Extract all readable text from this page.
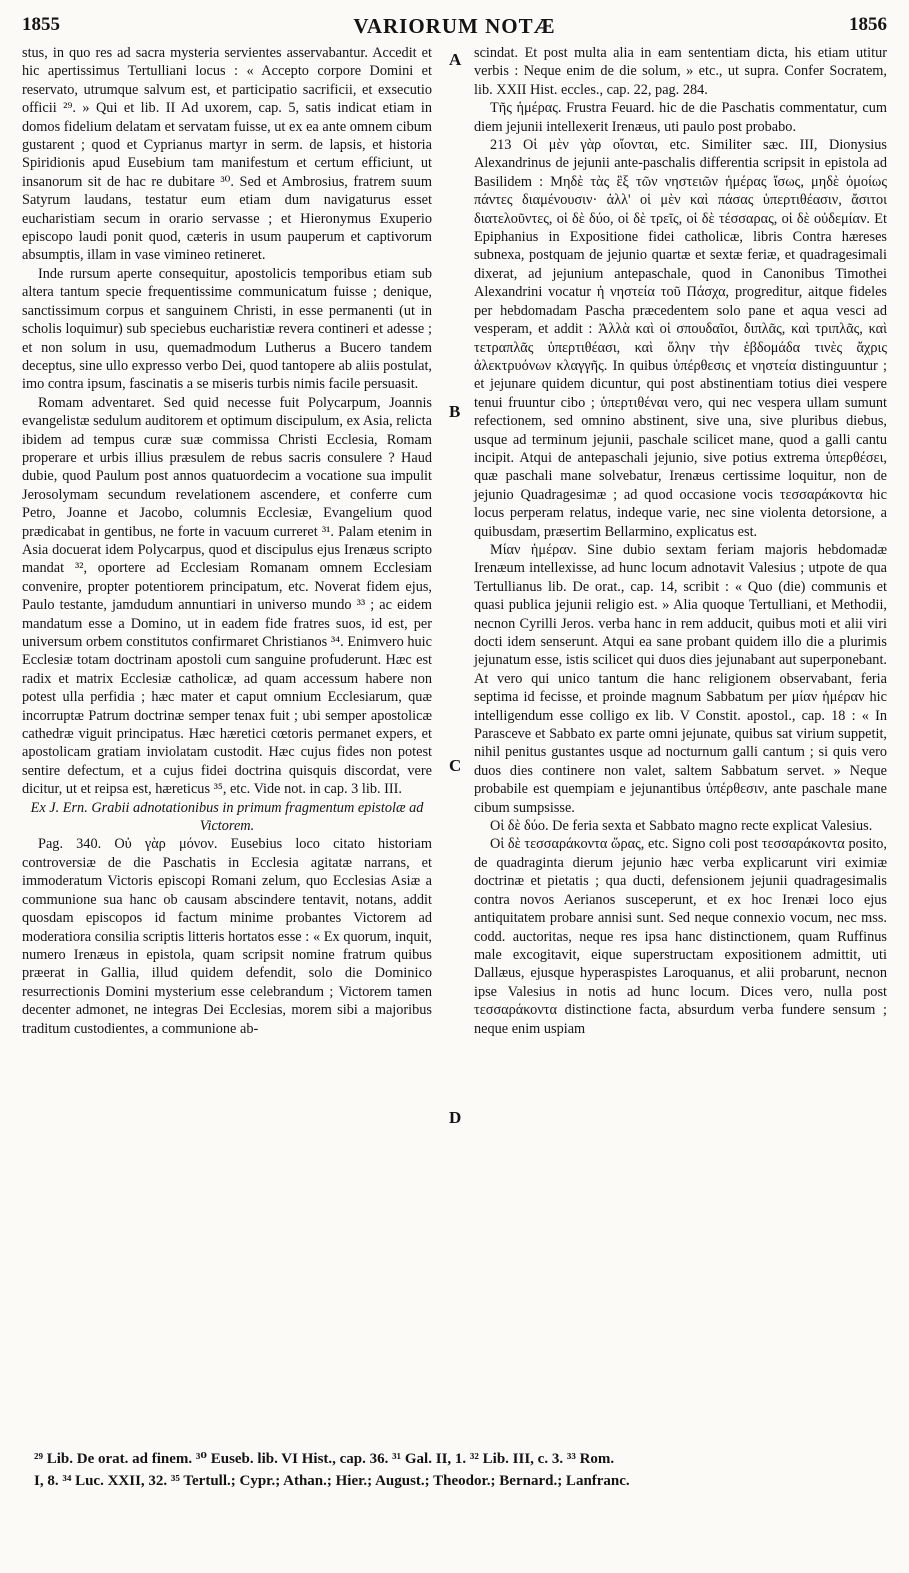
1855	VARIORUM NOTÆ	1856

stus, in quo res ad sacra mysteria servientes asservabantur. Accedit et hic apertissimus Tertulliani locus : « Accepto corpore Domini et reservato, utrumque salvum est, et participatio sacrificii, et exsecutio officii ²⁹. » Qui et lib. II Ad uxorem, cap. 5, satis indicat etiam in domos fidelium delatam et servatam fuisse, ut ex ea ante omnem cibum gustarent ; quod et Cyprianus martyr in serm. de lapsis, et historia Spiridionis apud Eusebium tam manifestum et certum efficiunt, ut insanorum sit de hac re dubitare ³⁰. Sed et Ambrosius, fratrem suum Satyrum laudans, testatur eum etiam dum navigaturus esset eucharistiam secum in orario servasse ; et Hieronymus Exuperio episcopo laudi ponit quod, cæteris in usum pauperum et captivorum absumptis, illam in vase vimineo retineret.

Inde rursum aperte consequitur, apostolicis temporibus etiam sub altera tantum specie frequentissime communicatum fuisse ; denique, sanctissimum corpus et sanguinem Christi, in esse permanenti (ut in scholis loquimur) sub speciebus eucharistiæ revera contineri et adesse ; et non solum in usu, quemadmodum Lutherus a Bucero tandem deceptus, sine ullo expresso verbo Dei, quod tantopere ab aliis postulat, imo contra ipsum, fascinatis a se miseris turbis nimis facile persuasit.

Romam adventaret. Sed quid necesse fuit Polycarpum, Joannis evangelistæ sedulum auditorem et optimum discipulum, ex Asia, relicta ibidem ad tempus curæ suæ commissa Christi Ecclesia, Romam properare et urbis illius præsulem de rebus sacris consulere ? Haud dubie, quod Paulum post annos quatuordecim a vocatione sua impulit Jerosolymam secundum revelationem ascendere, et conferre cum Petro, Joanne et Jacobo, columnis Ecclesiæ, Evangelium quod prædicabat in gentibus, ne forte in vacuum curreret ³¹. Palam etenim in Asia docuerat idem Polycarpus, quod et discipulus ejus Irenæus scripto mandat ³², oportere ad Ecclesiam Romanam omnem Ecclesiam convenire, propter potentiorem principatum, etc. Noverat fidem ejus, Paulo testante, jamdudum annuntiari in universo mundo ³³ ; ac eidem mandatum esse a Domino, ut in eadem fide fratres suos, id est, per universum orbem constitutos confirmaret Christianos ³⁴. Enimvero huic Ecclesiæ totam doctrinam apostoli cum sanguine profuderunt. Hæc est radix et matrix Ecclesiæ catholicæ, ad quam accessum habere non potest ulla perfidia ; hæc mater et caput omnium Ecclesiarum, quæ incorruptæ Patrum doctrinæ semper tenax fuit ; ubi semper apostolicæ cathedræ viguit principatus. Hæc hæretici cœtoris permanet expers, et apostolicam gratiam inviolatam custodit. Hæc cujus fides non potest sentire defectum, et a cujus fidei doctrina quisquis discordat, vere dicitur, ut et reipsa est, hæreticus ³⁵, etc. Vide not. in cap. 3 lib. III.

Ex J. Ern. Grabii adnotationibus in primum fragmentum epistolæ ad Victorem.

Pag. 340. Οὐ γὰρ μόνον. Eusebius loco citato historiam controversiæ de die Paschatis in Ecclesia agitatæ narrans, et immoderatum Victoris episcopi Romani zelum, quo Ecclesias Asiæ a communione sua hanc ob causam abscindere tentavit, notans, addit quosdam episcopos id factum minime probantes Victorem ad moderatiora consilia scriptis litteris hortatos esse : « Ex quorum, inquit, numero Irenæus in epistola, quam scripsit nomine fratrum quibus præerat in Gallia, illud quidem defendit, solo die Dominico resurrectionis Domini mysterium esse celebrandum ; Victorem tamen decenter admonet, ne integras Dei Ecclesias, morem sibi a majoribus traditum custodientes, a communione ab-

A
B
C
D

scindat. Et post multa alia in eam sententiam dicta, his etiam utitur verbis : Neque enim de die solum, » etc., ut supra. Confer Socratem, lib. XXII Hist. eccles., cap. 22, pag. 284.

Τῆς ἡμέρας. Frustra Feuard. hic de die Paschatis commentatur, cum diem jejunii intellexerit Irenæus, uti paulo post probabo.

213 Οἱ μὲν γὰρ οἴονται, etc. Similiter sæc. III, Dionysius Alexandrinus de jejunii ante-paschalis differentia scripsit in epistola ad Basilidem : Μηδὲ τὰς ἓξ τῶν νηστειῶν ἡμέρας ἴσως, μηδὲ ὁμοίως πάντες διαμένουσιν· ἀλλ' οἱ μὲν καὶ πάσας ὑπερτιθέασιν, ἄσιτοι διατελοῦντες, οἱ δὲ δύο, οἱ δὲ τρεῖς, οἱ δὲ τέσσαρας, οἱ δὲ οὐδεμίαν. Et Epiphanius in Expositione fidei catholicæ, libris Contra hæreses subnexa, postquam de jejunio quartæ et sextæ feriæ, et quadragesimali dixerat, ad jejunium antepaschale, quod in Canonibus Timothei Alexandrini vocatur ἡ νηστεία τοῦ Πάσχα, progreditur, aitque fideles per hebdomadam Pascha præcedentem solo pane et aqua vesci ad vesperam, et addit : Ἀλλὰ καὶ οἱ σπουδαῖοι, διπλᾶς, καὶ τριπλᾶς, καὶ τετραπλᾶς ὑπερτιθέασι, καὶ ὅλην τὴν ἑβδομάδα τινὲς ἄχρις ἀλεκτρυόνων κλαγγῆς. In quibus ὑπέρθεσις et νηστεία distinguuntur ; et jejunare quidem dicuntur, qui post abstinentiam totius diei vespere tenui fruuntur cibo ; ὑπερτιθέναι vero, qui nec vespera ullam sumunt refectionem, sed omnino abstinent, sive una, sive pluribus diebus, usque ad terminum jejunii, paschale scilicet mane, quod a galli cantu incipit. Atqui de antepaschali jejunio, sive potius extrema ὑπερθέσει, quæ paschali mane solvebatur, Irenæus certissime loquitur, non de jejunio Quadragesimæ ; ad quod occasione vocis τεσσαράκοντα hic locus perperam relatus, indeque varie, nec sine violenta detorsione, a quibusdam, præsertim Bellarmino, explicatus est.

Μίαν ἡμέραν. Sine dubio sextam feriam majoris hebdomadæ Irenæum intellexisse, ad hunc locum adnotavit Valesius ; utpote de qua Tertullianus lib. De orat., cap. 14, scribit : « Quo (die) communis et quasi publica jejunii religio est. » Alia quoque Tertulliani, et Methodii, necnon Cyrilli Jeros. verba hanc in rem adducit, quibus moti et alii viri docti idem senserunt. Atqui ea sane probant quidem illo die a plurimis jejunatum esse, istis scilicet qui duos dies jejunabant aut superponebant. At vero qui unico tantum die hanc religionem observabant, feria septima id fecisse, et proinde magnum Sabbatum per μίαν ἡμέραν hic intelligendum esse colligo ex lib. V Constit. apostol., cap. 18 : « In Parasceve et Sabbato ex parte omni jejunate, quibus sat virium suppetit, nihil penitus gustantes usque ad nocturnum galli cantum ; si quis vero duos dies continere non valet, saltem Sabbatum servet. » Neque probabile est quempiam e jejunantibus ὑπέρθεσιν, ante paschale mane cibum sumpsisse.

Οἱ δὲ δύο. De feria sexta et Sabbato magno recte explicat Valesius.

Οἱ δὲ τεσσαράκοντα ὥρας, etc. Signo coli post τεσσαράκοντα posito, de quadraginta dierum jejunio hæc verba explicarunt viri eximiæ doctrinæ et pietatis ; qua ducti, defensionem jejunii quadragesimalis contra novos Aerianos susceperunt, et ex hoc Irenæi loco ejus antiquitatem probare annisi sunt. Sed neque connexio vocum, nec mss. codd. auctoritas, neque res ipsa hanc distinctionem, quam Ruffinus male excogitavit, eique superstructam expositionem admittit, uti Dallæus, ejusque hyperaspistes Laroquanus, et alii probarunt, necnon ipse Valesius in notis ad hunc locum. Dices vero, nulla post τεσσαράκοντα distinctione facta, absurdum verba fundere sensum ; neque enim uspiam

²⁹ Lib. De orat. ad finem. ³⁰ Euseb. lib. VI Hist., cap. 36. ³¹ Gal. II, 1. ³² Lib. III, c. 3. ³³ Rom.
I, 8. ³⁴ Luc. XXII, 32. ³⁵ Tertull.; Cypr.; Athan.; Hier.; August.; Theodor.; Bernard.; Lanfranc.
